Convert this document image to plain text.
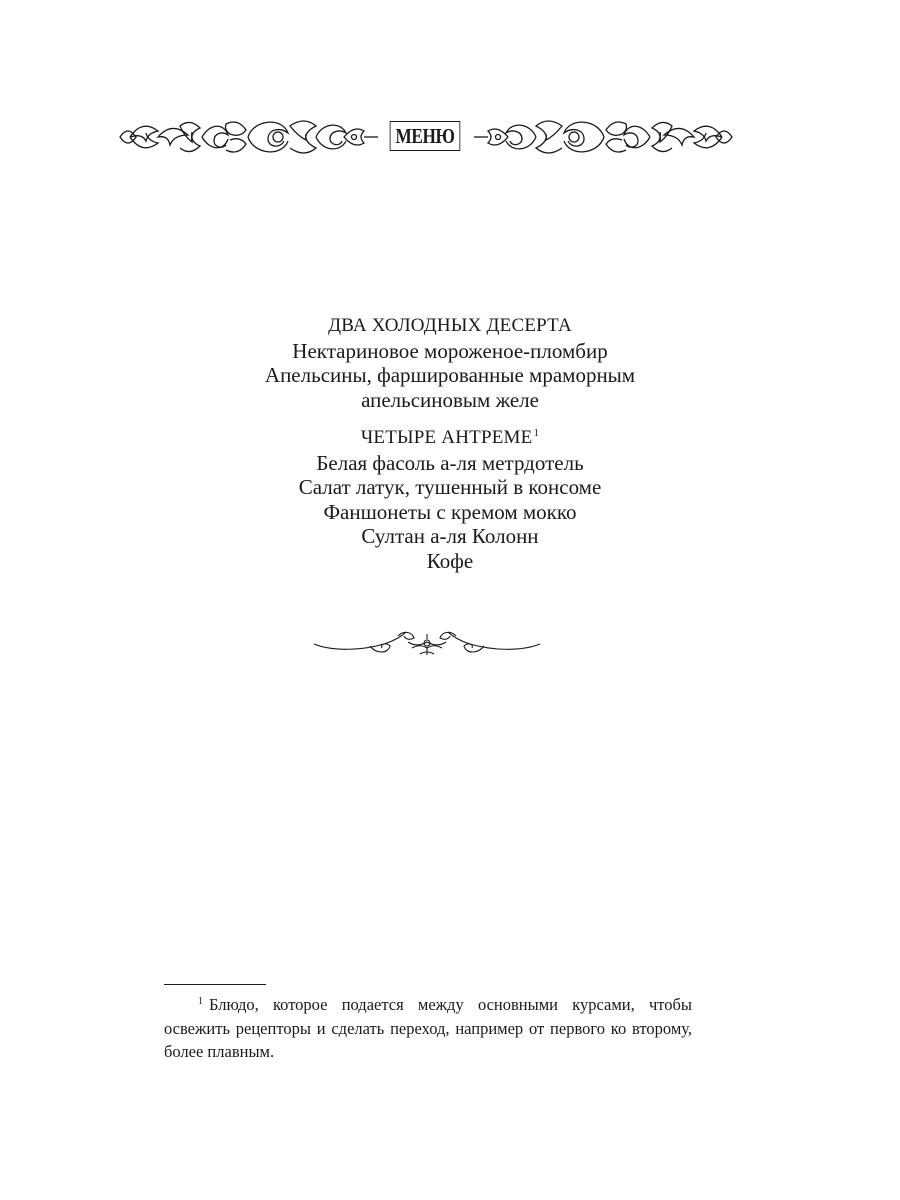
МЕНЮ
ДВА ХОЛОДНЫХ ДЕСЕРТА
Нектариновое мороженое-пломбир
Апельсины, фаршированные мраморным
апельсиновым желе
ЧЕТЫРЕ АНТРЕМЕ$^1$
Белая фасоль а-ля метрдотель
Салат латук, тушенный в консоме
Фаншонеты с кремом мокко
Султан а-ля Колонн
Кофе
$^1$ Блюдо, которое подается между основными курсами, чтобы освежить рецепторы и сделать переход, например от первого ко второму, более плавным.
